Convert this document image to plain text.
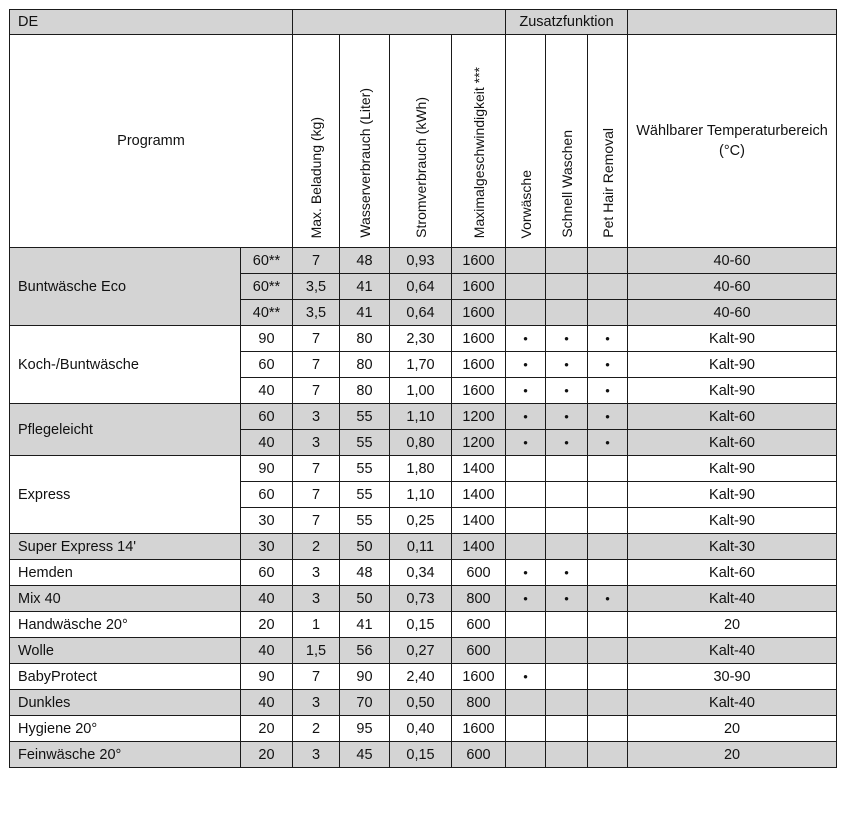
DE						Zusatzfunktion			
Programm		Max. Beladung (kg)	Wasserverbrauch (Liter)	Stromverbrauch (kWh)	Maximalgeschwindigkeit ***	Vorwäsche	Schnell Waschen	Pet Hair Removal	Wählbarer Temperaturbereich
(°C)
Buntwäsche Eco	60**	7	48	0,93	1600				40-60
	60**	3,5	41	0,64	1600				40-60
	40**	3,5	41	0,64	1600				40-60
Koch-/Buntwäsche	90	7	80	2,30	1600	•	•	•	Kalt-90
	60	7	80	1,70	1600	•	•	•	Kalt-90
	40	7	80	1,00	1600	•	•	•	Kalt-90
Pflegeleicht	60	3	55	1,10	1200	•	•	•	Kalt-60
	40	3	55	0,80	1200	•	•	•	Kalt-60
Express	90	7	55	1,80	1400				Kalt-90
	60	7	55	1,10	1400				Kalt-90
	30	7	55	0,25	1400				Kalt-90
Super Express 14'	30	2	50	0,11	1400				Kalt-30
Hemden	60	3	48	0,34	600	•	•		Kalt-60
Mix 40	40	3	50	0,73	800	•	•	•	Kalt-40
Handwäsche 20°	20	1	41	0,15	600				20
Wolle	40	1,5	56	0,27	600				Kalt-40
BabyProtect	90	7	90	2,40	1600	•			30-90
Dunkles	40	3	70	0,50	800				Kalt-40
Hygiene 20°	20	2	95	0,40	1600				20
Feinwäsche 20°	20	3	45	0,15	600				20
